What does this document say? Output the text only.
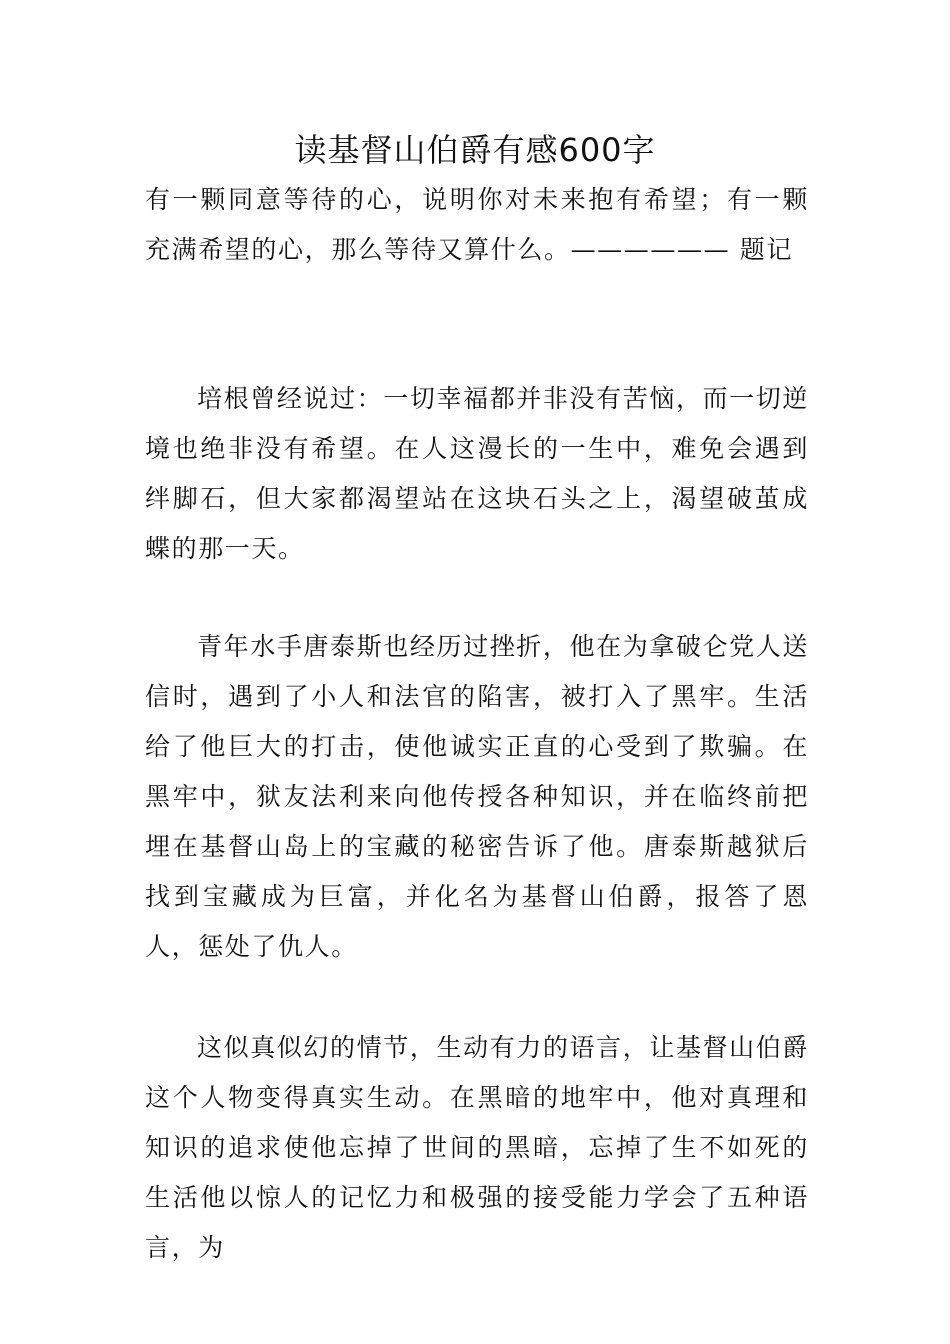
读基督山伯爵有感600字

有一颗同意等待的心，说明你对未来抱有希望；有一颗充满希望的心，那么等待又算什么。—————— 题记

培根曾经说过：一切幸福都并非没有苦恼，而一切逆境也绝非没有希望。在人这漫长的一生中，难免会遇到绊脚石，但大家都渴望站在这块石头之上，渴望破茧成蝶的那一天。

青年水手唐泰斯也经历过挫折，他在为拿破仑党人送信时，遇到了小人和法官的陷害，被打入了黑牢。生活给了他巨大的打击，使他诚实正直的心受到了欺骗。在黑牢中，狱友法利来向他传授各种知识，并在临终前把埋在基督山岛上的宝藏的秘密告诉了他。唐泰斯越狱后找到宝藏成为巨富，并化名为基督山伯爵，报答了恩人，惩处了仇人。

这似真似幻的情节，生动有力的语言，让基督山伯爵这个人物变得真实生动。在黑暗的地牢中，他对真理和知识的追求使他忘掉了世间的黑暗，忘掉了生不如死的生活他以惊人的记忆力和极强的接受能力学会了五种语言，为
